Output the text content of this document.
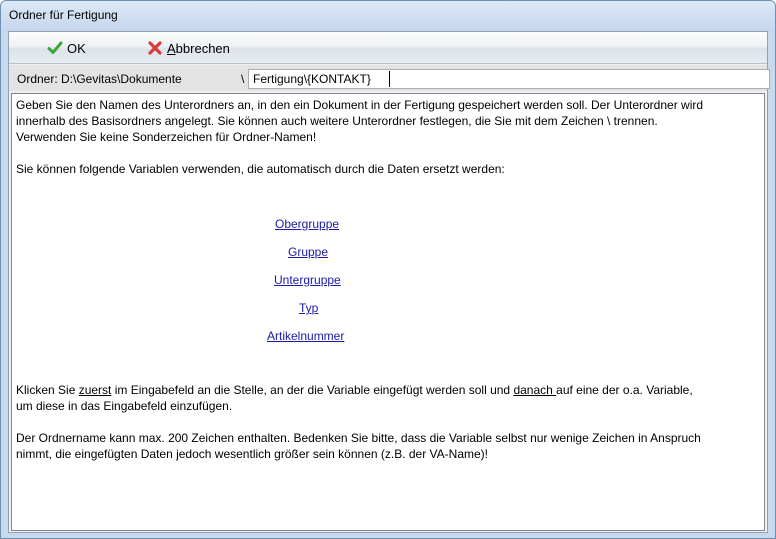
Ordner für Fertigung
OK	Abbrechen
Ordner: D:\Gevitas\Dokumente	\
Fertigung\{KONTAKT}

Geben Sie den Namen des Unterordners an, in den ein Dokument in der Fertigung gespeichert werden soll. Der Unterordner wird

innerhalb des Basisordners angelegt. Sie können auch weitere Unterordner festlegen, die Sie mit dem Zeichen \ trennen.

Verwenden Sie keine Sonderzeichen für Ordner-Namen!

Sie können folgende Variablen verwenden, die automatisch durch die Daten ersetzt werden:
Obergruppe
Gruppe
Untergruppe
Typ
Artikelnummer

Klicken Sie zuerst im Eingabefeld an die Stelle, an der die Variable eingefügt werden soll und danach auf eine der o.a. Variable,

um diese in das Eingabefeld einzufügen.

Der Ordnername kann max. 200 Zeichen enthalten. Bedenken Sie bitte, dass die Variable selbst nur wenige Zeichen in Anspruch

nimmt, die eingefügten Daten jedoch wesentlich größer sein können (z.B. der VA-Name)!
